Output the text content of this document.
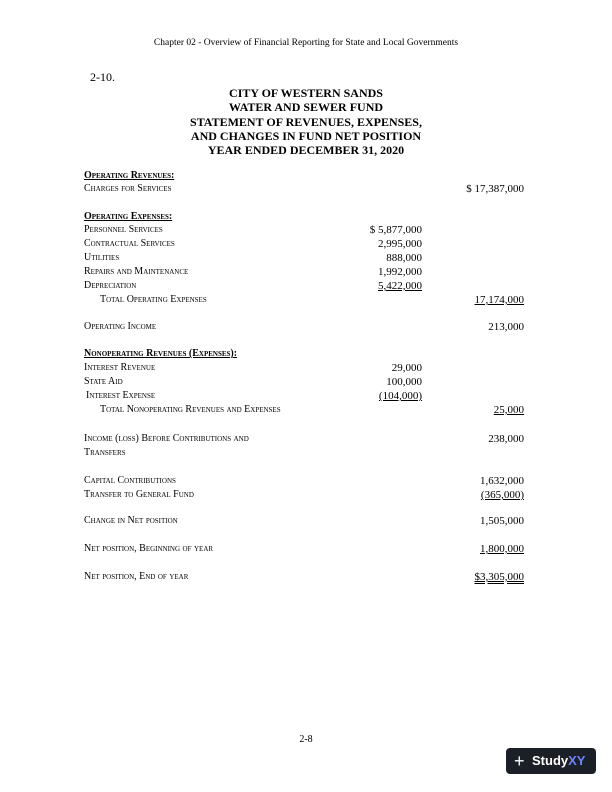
Chapter 02 - Overview of Financial Reporting for State and Local Governments
2-10.
CITY OF WESTERN SANDS
WATER AND SEWER FUND
STATEMENT OF REVENUES, EXPENSES,
AND CHANGES IN FUND NET POSITION
YEAR ENDED DECEMBER 31, 2020
Operating Revenues:
Charges for Services	$ 17,387,000
Operating Expenses:
Personnel Services	$ 5,877,000
Contractual Services	2,995,000
Utilities	888,000
Repairs and Maintenance	1,992,000
Depreciation	5,422,000
Total Operating Expenses	17,174,000
Operating Income	213,000
Nonoperating Revenues (Expenses):
Interest Revenue	29,000
State Aid	100,000
Interest Expense	(104,000)
Total Nonoperating Revenues and Expenses	25,000
Income (loss) Before Contributions and	238,000
Transfers
Capital Contributions	1,632,000
Transfer to General Fund	(365,000)
Change in Net position	1,505,000
Net position, Beginning of year	1,800,000
Net position, End of year	$3,305,000
2-8
+ StudyXY
